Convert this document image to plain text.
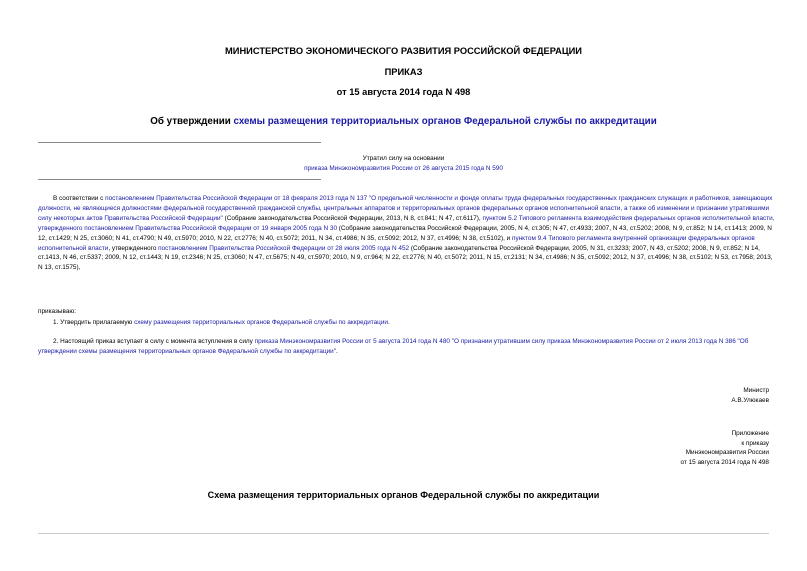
МИНИСТЕРСТВО ЭКОНОМИЧЕСКОГО РАЗВИТИЯ РОССИЙСКОЙ ФЕДЕРАЦИИ
ПРИКАЗ
от 15 августа 2014 года N 498
Об утверждении схемы размещения территориальных органов Федеральной службы по аккредитации
Утратил силу на основании
приказа Минэкономразвития России от 26 августа 2015 года N 590
В соответствии с постановлением Правительства Российской Федерации от 18 февраля 2013 года N 137 "О предельной численности и фонде оплаты труда федеральных государственных гражданских служащих и работников, замещающих должности, не являющиеся должностями федеральной государственной гражданской службы, центральных аппаратов и территориальных органов федеральных органов исполнительной власти, а также об изменении и признании утратившими силу некоторых актов Правительства Российской Федерации" (Собрание законодательства Российской Федерации, 2013, N 8, ст.841; N 47, ст.6117), пунктом 5.2 Типового регламента взаимодействия федеральных органов исполнительной власти, утвержденного постановлением Правительства Российской Федерации от 19 января 2005 года N 30 (Собрание законодательства Российской Федерации, 2005, N 4, ст.305; N 47, ст.4933; 2007, N 43, ст.5202; 2008, N 9, ст.852; N 14, ст.1413; 2009, N 12, ст.1429; N 25, ст.3060; N 41, ст.4790; N 49, ст.5970; 2010, N 22, ст.2776; N 40, ст.5072; 2011, N 34, ст.4986; N 35, ст.5092; 2012, N 37, ст.4996; N 38, ст.5102), и пунктом 9.4 Типового регламента внутренней организации федеральных органов исполнительной власти, утвержденного постановлением Правительства Российской Федерации от 28 июля 2005 года N 452 (Собрание законодательства Российской Федерации, 2005, N 31, ст.3233; 2007, N 43, ст.5202; 2008, N 9, ст.852; N 14, ст.1413, N 46, ст.5337; 2009, N 12, ст.1443; N 19, ст.2346; N 25, ст.3060; N 47, ст.5675; N 49, ст.5970; 2010, N 9, ст.964; N 22, ст.2776; N 40, ст.5072; 2011, N 15, ст.2131; N 34, ст.4986; N 35, ст.5092; 2012, N 37, ст.4996; N 38, ст.5102; N 53, ст.7958; 2013, N 13, ст.1575),
приказываю:
1. Утвердить прилагаемую схему размещения территориальных органов Федеральной службы по аккредитации.
2. Настоящий приказ вступает в силу с момента вступления в силу приказа Минэкономразвития России от 5 августа 2014 года N 480 "О признании утратившим силу приказа Минэкономразвития России от 2 июля 2013 года N 386 "Об утверждении схемы размещения территориальных органов Федеральной службы по аккредитации".
Министр
А.В.Улюкаев
Приложение
к приказу
Минэкономразвития России
от 15 августа 2014 года N 498
Схема размещения территориальных органов Федеральной службы по аккредитации
